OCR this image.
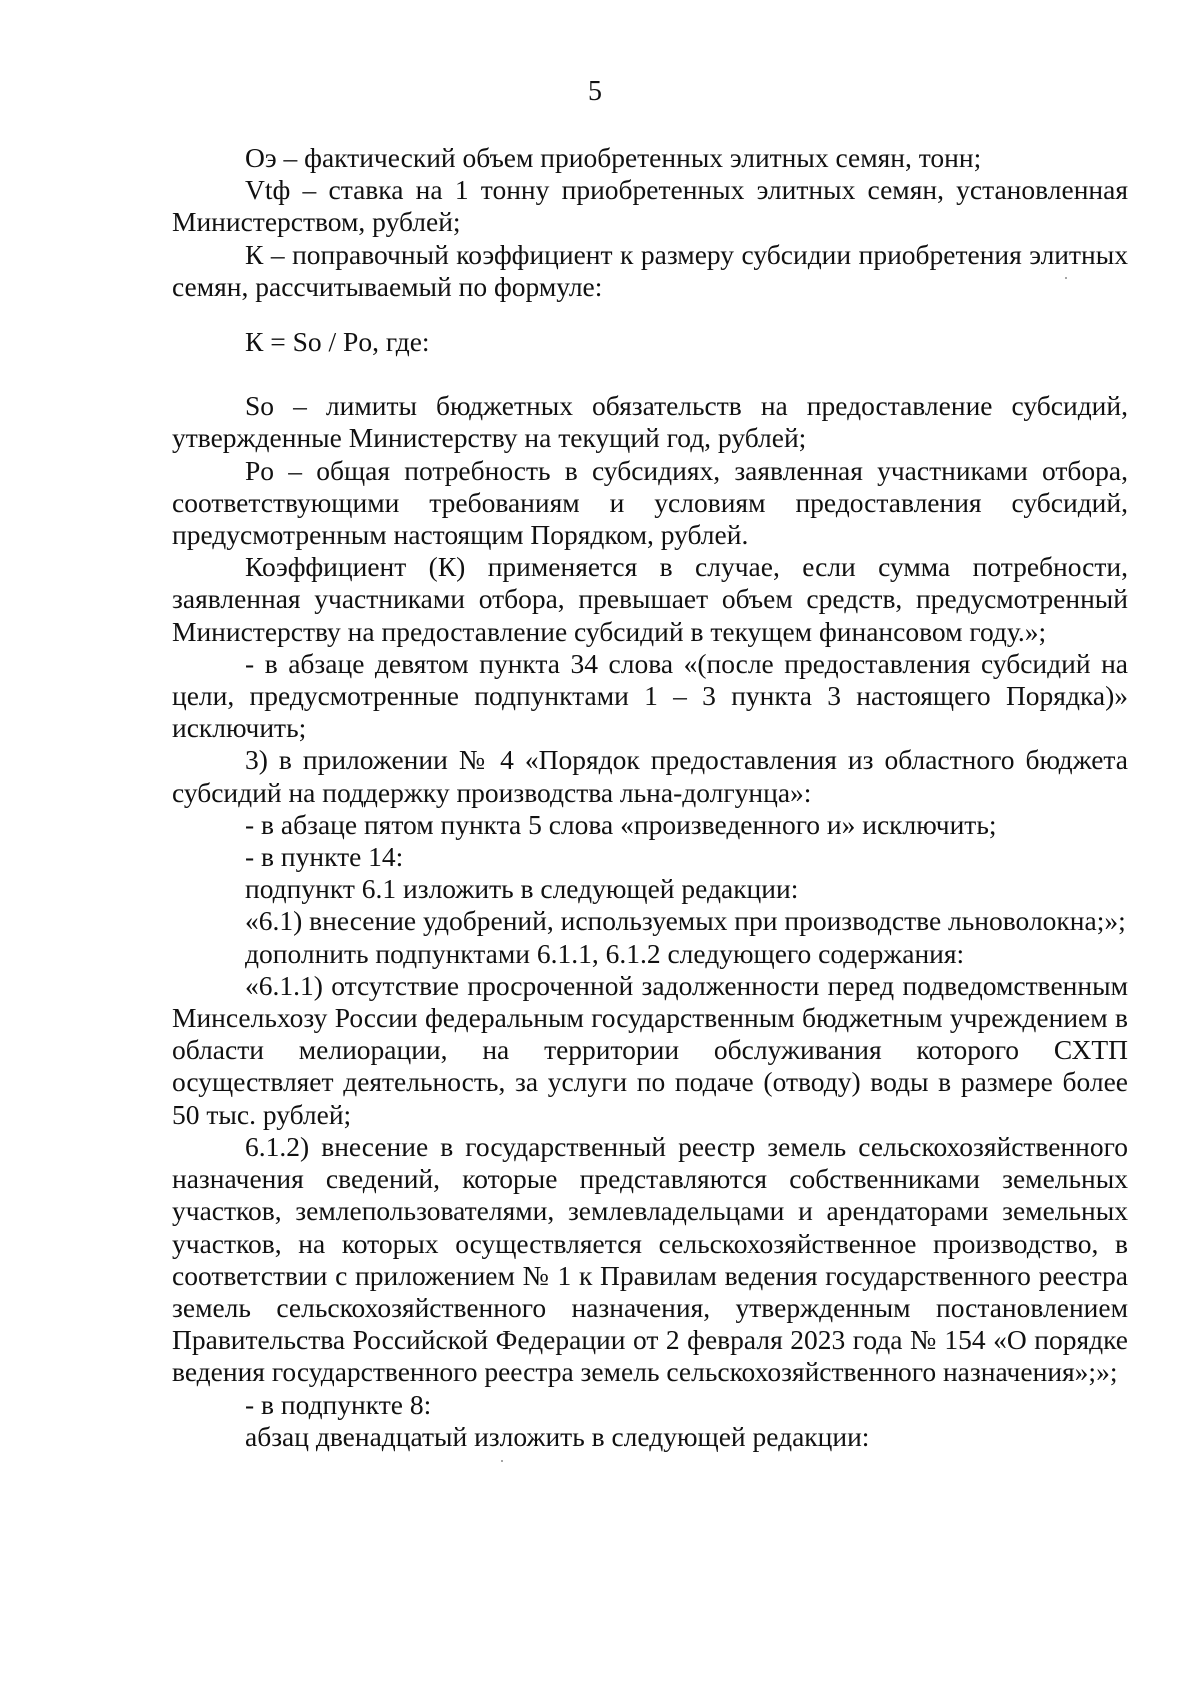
5

Оэ – фактический объем приобретенных элитных семян, тонн;

Vtф – ставка на 1 тонну приобретенных элитных семян, установленная Министерством, рублей;

К – поправочный коэффициент к размеру субсидии приобретения элитных семян, рассчитываемый по формуле:

К = Sо / Pо, где:

Sо – лимиты бюджетных обязательств на предоставление субсидий, утвержденные Министерству на текущий год, рублей;

Pо – общая потребность в субсидиях, заявленная участниками отбора, соответствующими требованиям и условиям предоставления субсидий, предусмотренным настоящим Порядком, рублей.

Коэффициент (К) применяется в случае, если сумма потребности, заявленная участниками отбора, превышает объем средств, предусмотренный Министерству на предоставление субсидий в текущем финансовом году.»;

- в абзаце девятом пункта 34 слова «(после предоставления субсидий на цели, предусмотренные подпунктами 1 – 3 пункта 3 настоящего Порядка)» исключить;

3) в приложении № 4 «Порядок предоставления из областного бюджета субсидий на поддержку производства льна-долгунца»:

- в абзаце пятом пункта 5 слова «произведенного и» исключить;

- в пункте 14:

подпункт 6.1 изложить в следующей редакции:

«6.1) внесение удобрений, используемых при производстве льноволокна;»;

дополнить подпунктами 6.1.1, 6.1.2 следующего содержания:

«6.1.1) отсутствие просроченной задолженности перед подведомственным Минсельхозу России федеральным государственным бюджетным учреждением в области мелиорации, на территории обслуживания которого СХТП осуществляет деятельность, за услуги по подаче (отводу) воды в размере более 50 тыс. рублей;

6.1.2) внесение в государственный реестр земель сельскохозяйственного назначения сведений, которые представляются собственниками земельных участков, землепользователями, землевладельцами и арендаторами земельных участков, на которых осуществляется сельскохозяйственное производство, в соответствии с приложением № 1 к Правилам ведения государственного реестра земель сельскохозяйственного назначения, утвержденным постановлением Правительства Российской Федерации от 2 февраля 2023 года № 154 «О порядке ведения государственного реестра земель сельскохозяйственного назначения»;»;

- в подпункте 8:

абзац двенадцатый изложить в следующей редакции:
